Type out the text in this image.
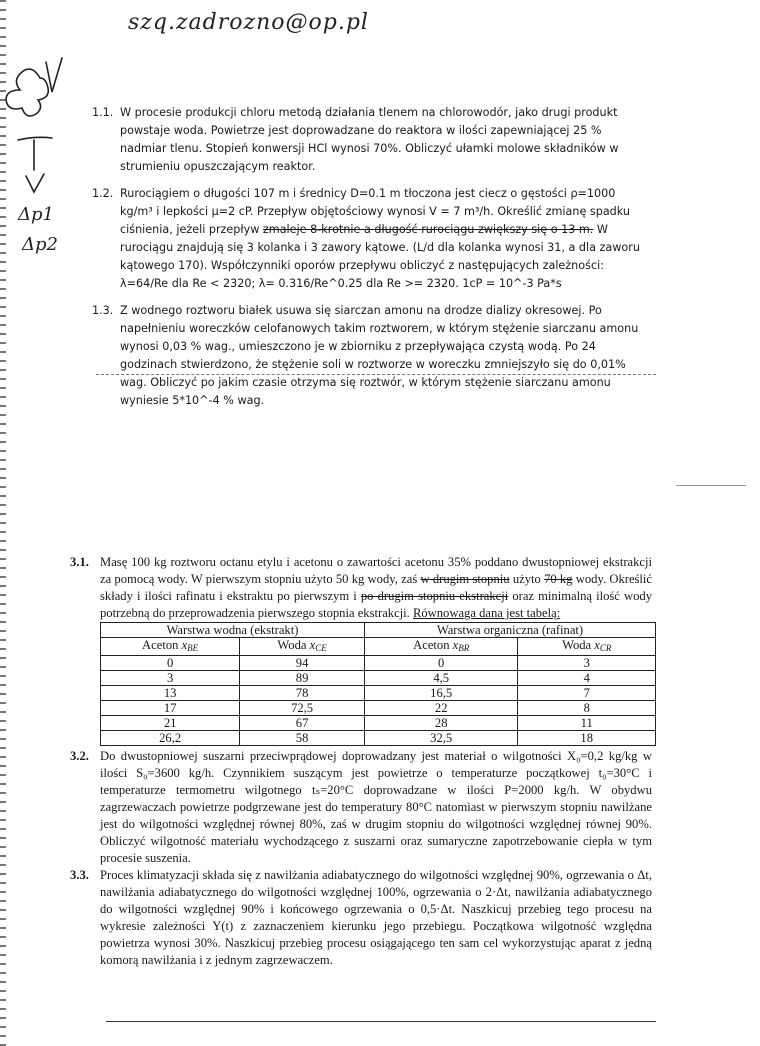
szq.zadrozno@op.pl
Δp1
Δp2
1.1. W procesie produkcji chloru metodą działania tlenem na chlorowodór, jako drugi produkt powstaje woda. Powietrze jest doprowadzane do reaktora w ilości zapewniającej 25 % nadmiar tlenu. Stopień konwersji HCl wynosi 70%. Obliczyć ułamki molowe składników w strumieniu opuszczającym reaktor.
1.2. Rurociągiem o długości 107 m i średnicy D=0.1 m tłoczona jest ciecz o gęstości ρ=1000 kg/m³ i lepkości μ=2 cP. Przepływ objętościowy wynosi V = 7 m³/h. Określić zmianę spadku ciśnienia, jeżeli przepływ zmaleje 8-krotnie a długość rurociągu zwiększy się o 13 m. W rurociągu znajdują się 3 kolanka i 3 zawory kątowe. (L/d dla kolanka wynosi 31, a dla zaworu kątowego 170). Współczynniki oporów przepływu obliczyć z następujących zależności: λ=64/Re dla Re < 2320; λ= 0.316/Re^0.25 dla Re >= 2320. 1cP = 10^-3 Pa*s
1.3. Z wodnego roztworu białek usuwa się siarczan amonu na drodze dializy okresowej. Po napełnieniu woreczków celofanowych takim roztworem, w którym stężenie siarczanu amonu wynosi 0,03 % wag., umieszczono je w zbiorniku z przepływająca czystą wodą. Po 24 godzinach stwierdzono, że stężenie soli w roztworze w woreczku zmniejszyło się do 0,01% wag. Obliczyć po jakim czasie otrzyma się roztwór, w którym stężenie siarczanu amonu wyniesie 5*10^-4 % wag.
3.1. Masę 100 kg roztworu octanu etylu i acetonu o zawartości acetonu 35% poddano dwustopniowej ekstrakcji za pomocą wody. W pierwszym stopniu użyto 50 kg wody, zaś w drugim stopniu użyto 70 kg wody. Określić składy i ilości rafinatu i ekstraktu po pierwszym i po drugim stopniu ekstrakcji oraz minimalną ilość wody potrzebną do przeprowadzenia pierwszego stopnia ekstrakcji. Równowaga dana jest tabelą:
Warstwa wodna (ekstrakt)		Warstwa organiczna (rafinat)	
Aceton $x_{BE}$	Woda $x_{CE}$	Aceton $x_{BR}$	Woda $x_{CR}$
0	94	0	3
3	89	4,5	4
13	78	16,5	7
17	72,5	22	8
21	67	28	11
26,2	58	32,5	18
3.2. Do dwustopniowej suszarni przeciwprądowej doprowadzany jest materiał o wilgotności X₀=0,2 kg/kg w ilości S₀=3600 kg/h. Czynnikiem suszącym jest powietrze o temperaturze początkowej t₀=30°C i temperaturze termometru wilgotnego tₛ=20°C doprowadzane w ilości P=2000 kg/h. W obydwu zagrzewaczach powietrze podgrzewane jest do temperatury 80°C natomiast w pierwszym stopniu nawilżane jest do wilgotności względnej równej 80%, zaś w drugim stopniu do wilgotności względnej równej 90%. Obliczyć wilgotność materiału wychodzącego z suszarni oraz sumaryczne zapotrzebowanie ciepła w tym procesie suszenia.
3.3. Proces klimatyzacji składa się z nawilżania adiabatycznego do wilgotności względnej 90%, ogrzewania o Δt, nawilżania adiabatycznego do wilgotności względnej 100%, ogrzewania o 2·Δt, nawilżania adiabatycznego do wilgotności względnej 90% i końcowego ogrzewania o 0,5·Δt. Naszkicuj przebieg tego procesu na wykresie zależności Y(t) z zaznaczeniem kierunku jego przebiegu. Początkowa wilgotność względna powietrza wynosi 30%. Naszkicuj przebieg procesu osiągającego ten sam cel wykorzystując aparat z jedną komorą nawilżania i z jednym zagrzewaczem.
